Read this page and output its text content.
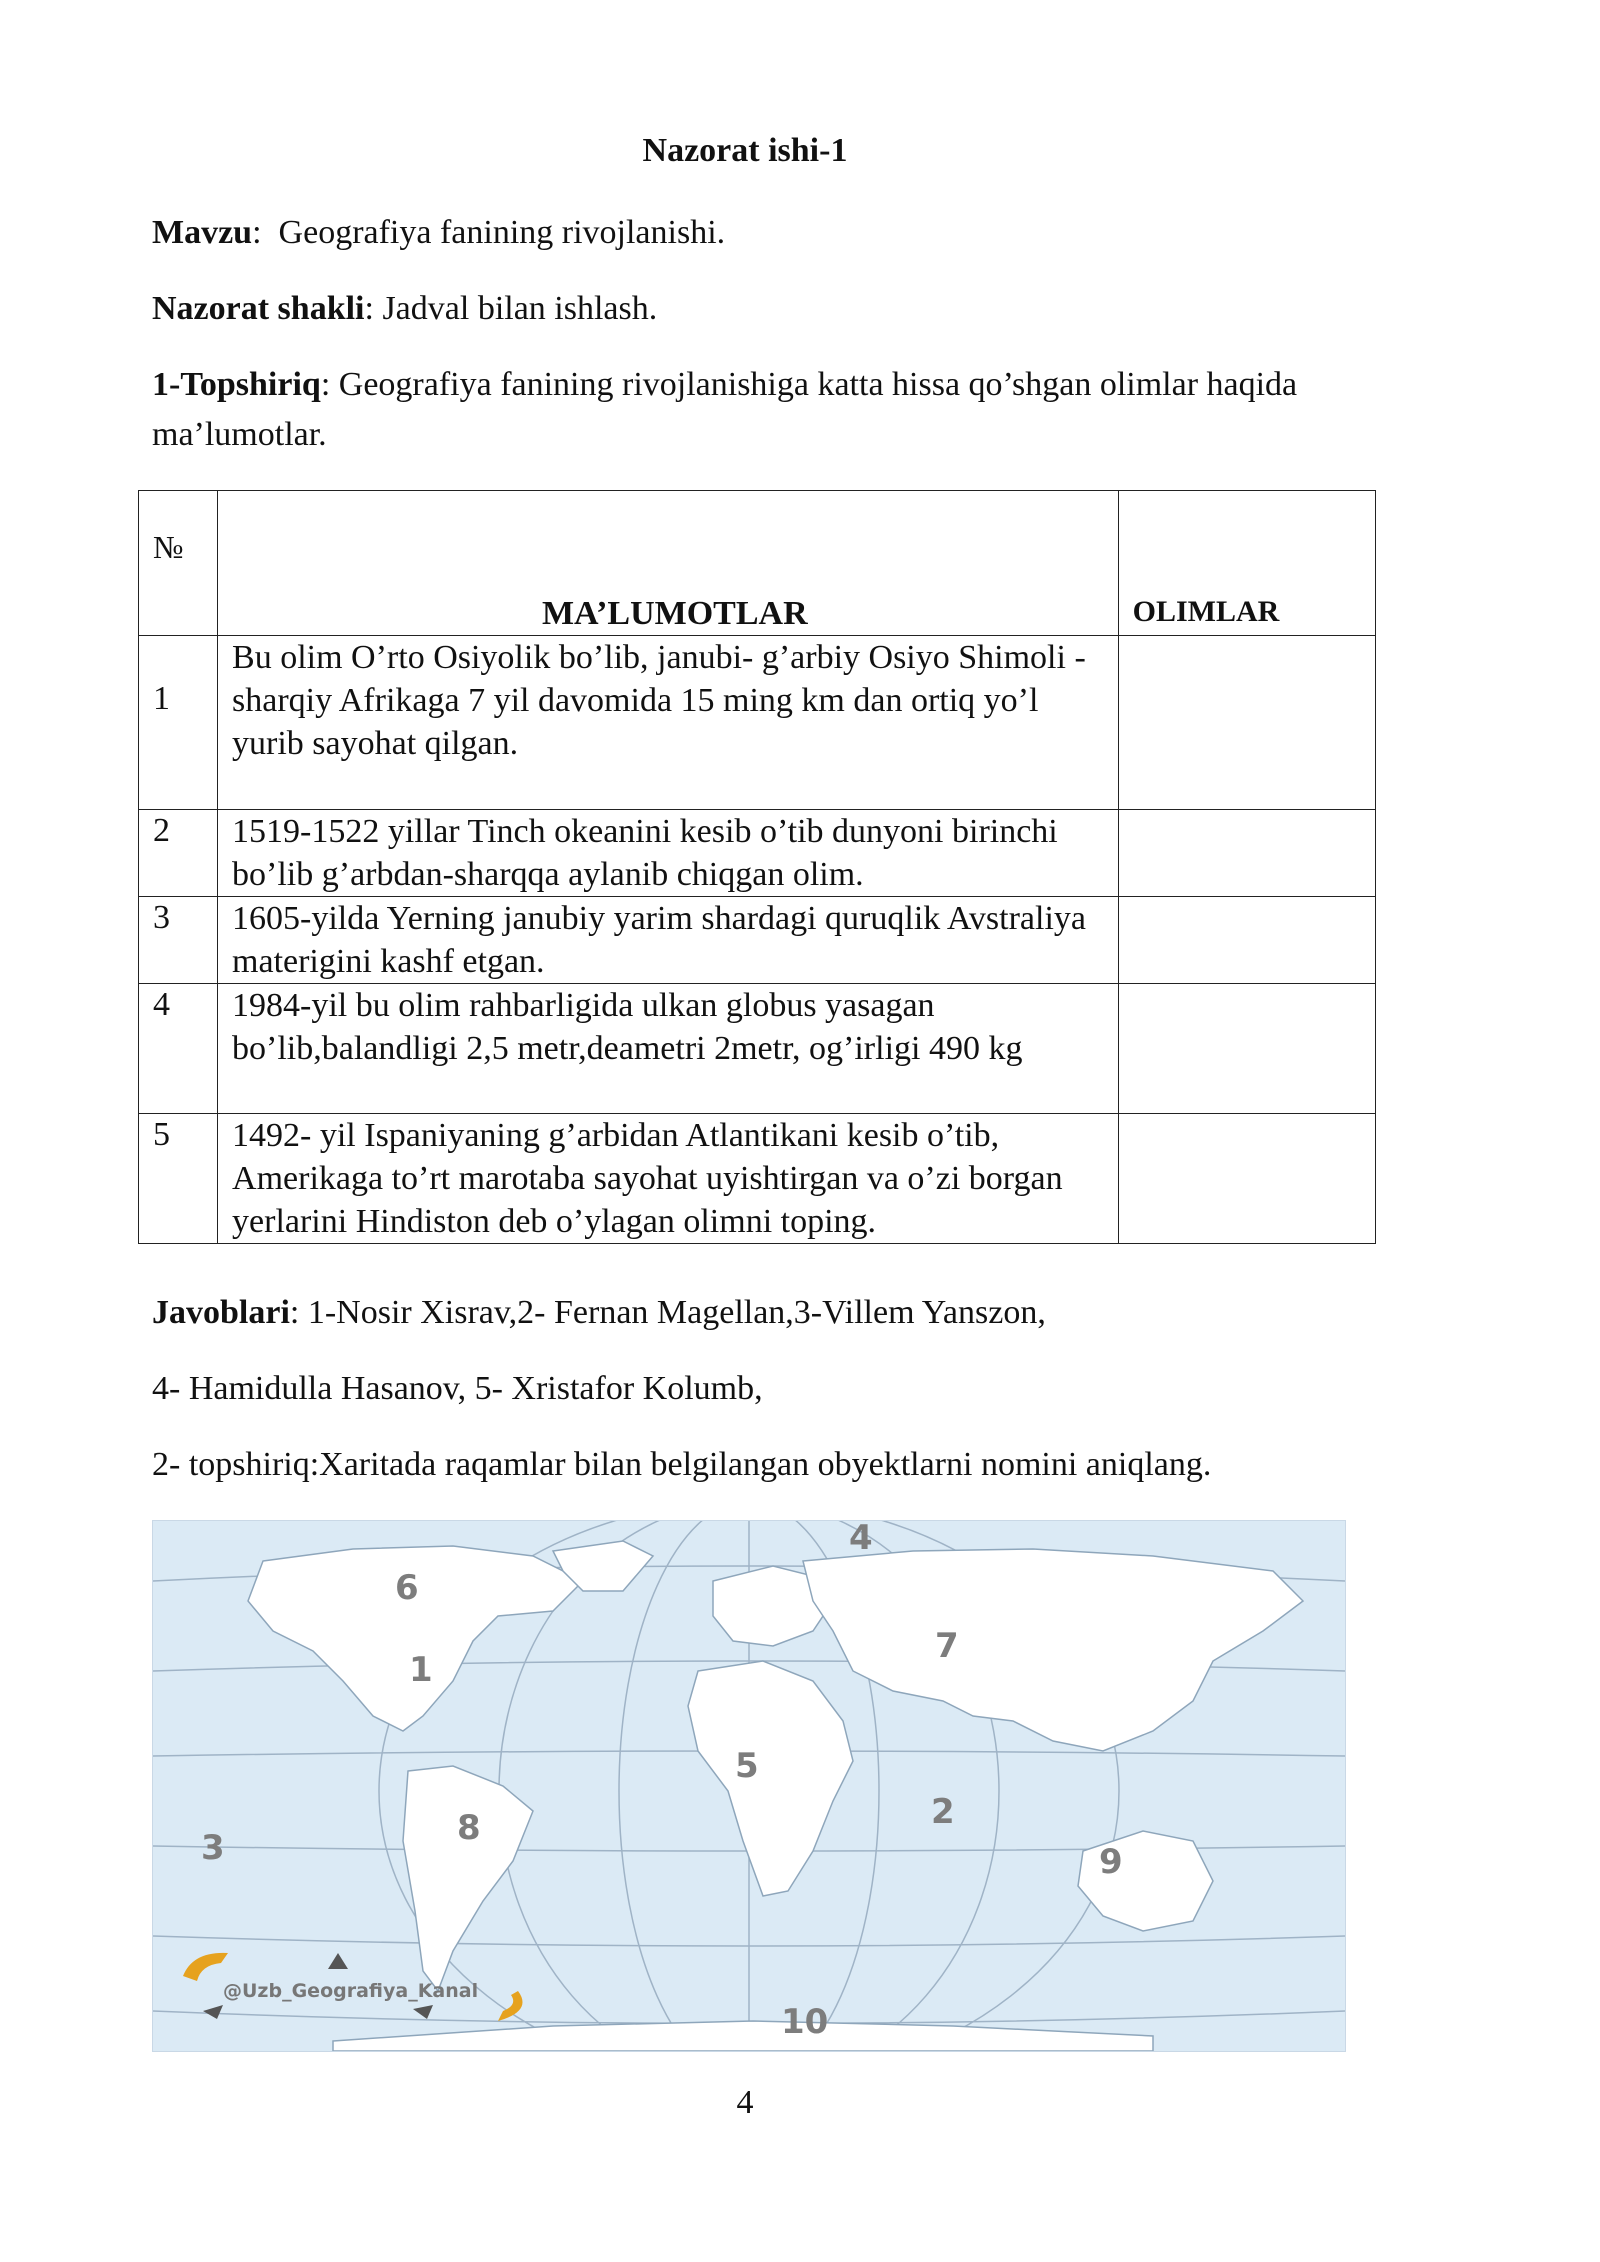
Nazorat ishi-1
Mavzu: Geografiya fanining rivojlanishi.
Nazorat shakli: Jadval bilan ishlash.
1-Topshiriq: Geografiya fanining rivojlanishiga katta hissa qo’shgan olimlar haqida ma’lumotlar.
№	MA’LUMOTLAR	OLIMLAR

1	Bu olim O’rto Osiyolik bo’lib, janubi- g’arbiy Osiyo Shimoli -sharqiy Afrikaga 7 yil davomida 15 ming km dan ortiq yo’l yurib sayohat qilgan.	

2	1519-1522 yillar Tinch okeanini kesib o’tib dunyoni birinchi bo’lib g’arbdan-sharqqa aylanib chiqgan olim.	

3	1605-yilda Yerning janubiy yarim shardagi quruqlik Avstraliya materigini kashf etgan.	

4	1984-yil bu olim rahbarligida ulkan globus yasagan bo’lib,balandligi 2,5 metr,deametri 2metr, og’irligi 490 kg	

5	1492- yil Ispaniyaning g’arbidan Atlantikani kesib o’tib, Amerikaga to’rt marotaba sayohat uyishtirgan va o’zi borgan yerlarini Hindiston deb o’ylagan olimni toping.	
Javoblari: 1-Nosir Xisrav,2- Fernan Magellan,3-Villem Yanszon,
4- Hamidulla Hasanov, 5- Xristafor Kolumb,
2- topshiriq:Xaritada raqamlar bilan belgilangan obyektlarni nomini aniqlang.
1
2
3
4
5
6
7
8
9
10
@Uzb_Geografiya_Kanal
4
